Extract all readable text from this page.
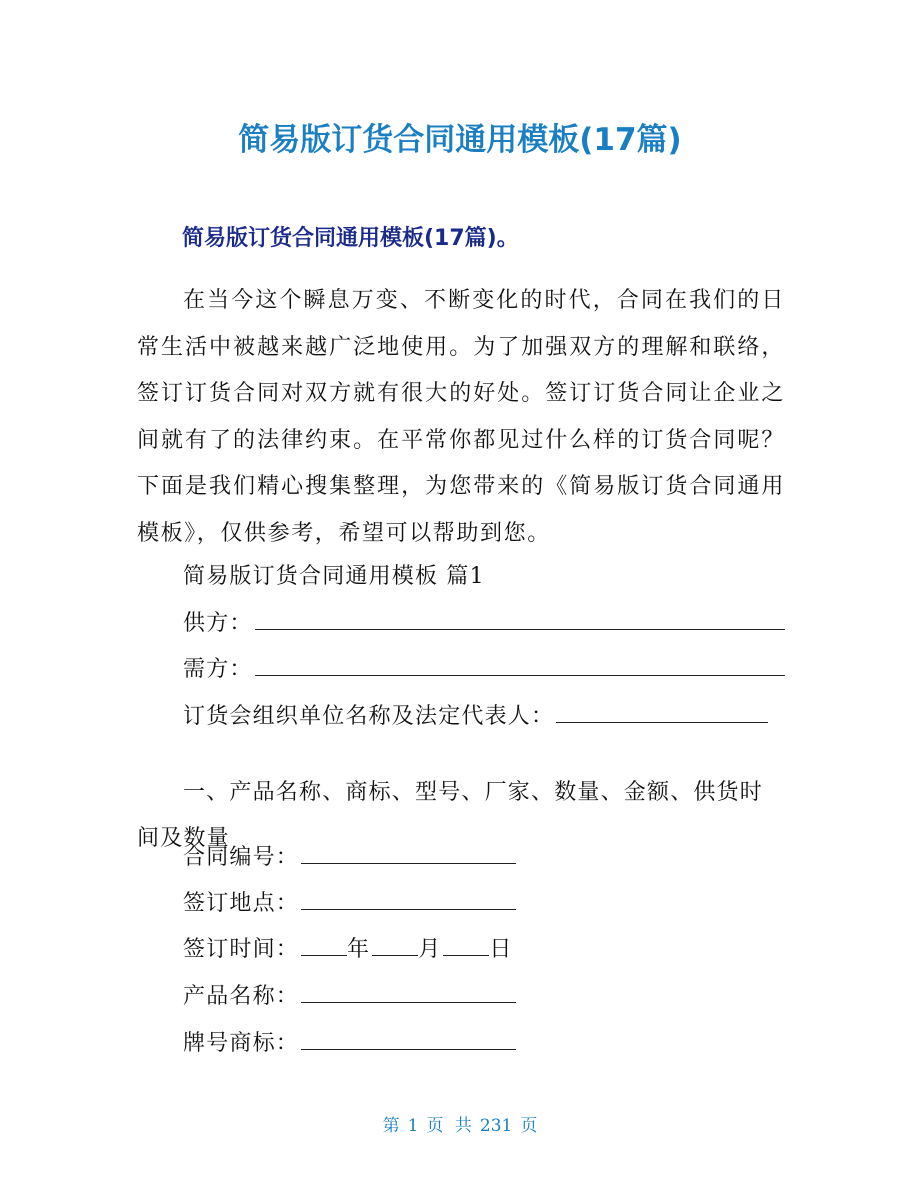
简易版订货合同通用模板(17篇)
简易版订货合同通用模板(17篇)。
在当今这个瞬息万变、不断变化的时代，合同在我们的日常生活中被越来越广泛地使用。为了加强双方的理解和联络，签订订货合同对双方就有很大的好处。签订订货合同让企业之间就有了的法律约束。在平常你都见过什么样的订货合同呢？下面是我们精心搜集整理，为您带来的《简易版订货合同通用模板》，仅供参考，希望可以帮助到您。
简易版订货合同通用模板 篇1
供方：
需方：
订货会组织单位名称及法定代表人：
一、产品名称、商标、型号、厂家、数量、金额、供货时间及数量
合同编号：
签订地点：
签订时间： 年 月 日
产品名称：
牌号商标：
第 1 页 共 231 页
